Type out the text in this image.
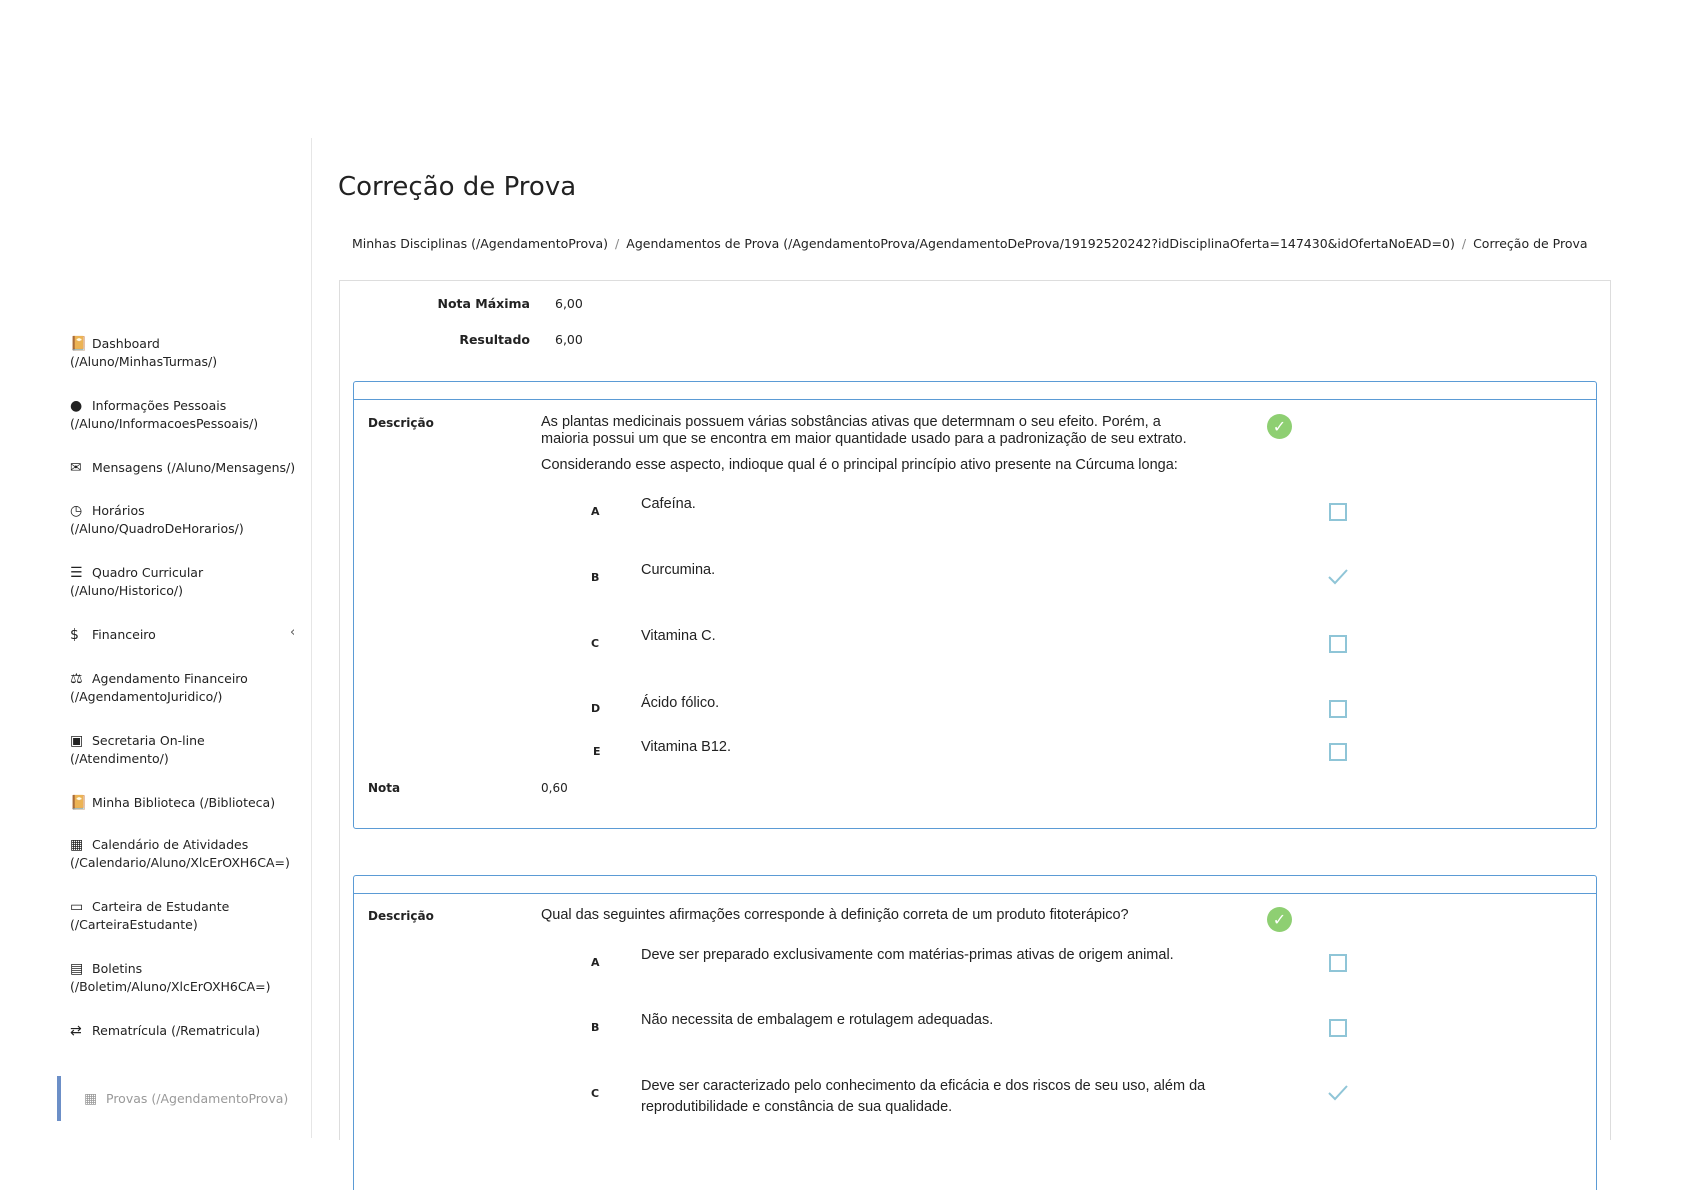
📔 Dashboard
(/Aluno/MinhasTurmas/)
● Informações Pessoais
(/Aluno/InformacoesPessoais/)
✉ Mensagens (/Aluno/Mensagens/)
◷ Horários
(/Aluno/QuadroDeHorarios/)
☰ Quadro Curricular
(/Aluno/Historico/)
$ Financeiro	‹
⚖ Agendamento Financeiro
(/AgendamentoJuridico/)
▣ Secretaria On-line
(/Atendimento/)
📔 Minha Biblioteca (/Biblioteca)
▦ Calendário de Atividades
(/Calendario/Aluno/XlcErOXH6CA=)
▭ Carteira de Estudante
(/CarteiraEstudante)
▤ Boletins
(/Boletim/Aluno/XlcErOXH6CA=)
⇄ Rematrícula (/Rematricula)
▦ Provas (/AgendamentoProva)
Correção de Prova
Minhas Disciplinas (/AgendamentoProva) / Agendamentos de Prova (/AgendamentoProva/AgendamentoDeProva/19192520242?idDisciplinaOferta=147430&idOfertaNoEAD=0) / Correção de Prova
Nota Máxima 6,00
Resultado 6,00
Descrição	As plantas medicinais possuem várias sobstâncias ativas que determnam o seu efeito. Porém, a
maioria possui um que se encontra em maior quantidade usado para a padronização de seu extrato.
Considerando esse aspecto, indioque qual é o principal princípio ativo presente na Cúrcuma longa:
✓
A	Cafeína.
B	Curcumina.
C	Vitamina C.
D	Ácido fólico.
E	Vitamina B12.
Nota	0,60
Descrição	Qual das seguintes afirmações corresponde à definição correta de um produto fitoterápico?	✓
A	Deve ser preparado exclusivamente com matérias-primas ativas de origem animal.
B	Não necessita de embalagem e rotulagem adequadas.
C	Deve ser caracterizado pelo conhecimento da eficácia e dos riscos de seu uso, além da
reprodutibilidade e constância de sua qualidade.
